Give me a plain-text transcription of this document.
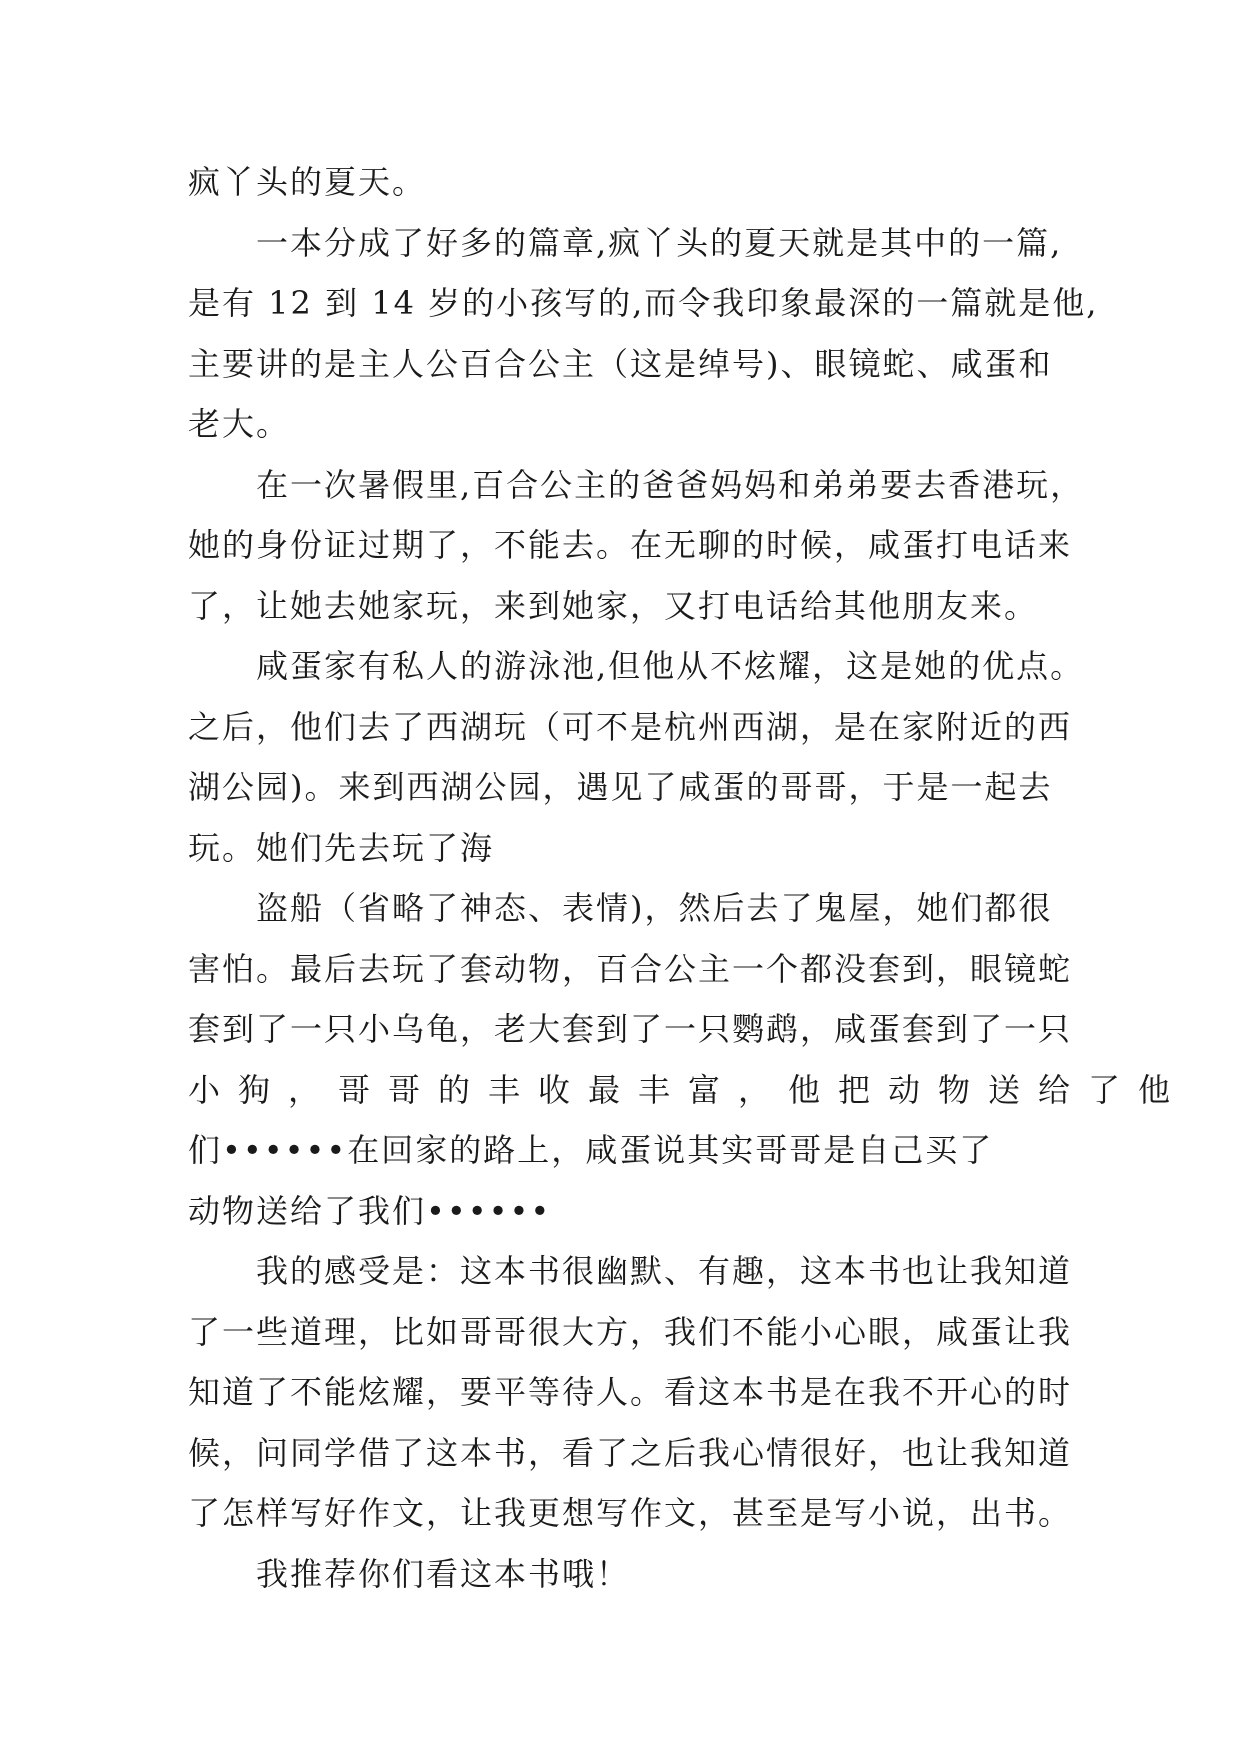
疯丫头的夏天。
一本分成了好多的篇章,疯丫头的夏天就是其中的一篇,
是有 12 到 14 岁的小孩写的,而令我印象最深的一篇就是他,
主要讲的是主人公百合公主（这是绰号)、眼镜蛇、咸蛋和
老大。
在一次暑假里,百合公主的爸爸妈妈和弟弟要去香港玩，
她的身份证过期了，不能去。在无聊的时候，咸蛋打电话来
了，让她去她家玩，来到她家，又打电话给其他朋友来。
咸蛋家有私人的游泳池,但他从不炫耀，这是她的优点。
之后，他们去了西湖玩（可不是杭州西湖，是在家附近的西
湖公园)。来到西湖公园，遇见了咸蛋的哥哥，于是一起去
玩。她们先去玩了海
盗船（省略了神态、表情)，然后去了鬼屋，她们都很
害怕。最后去玩了套动物，百合公主一个都没套到，眼镜蛇
套到了一只小乌龟，老大套到了一只鹦鹉，咸蛋套到了一只
小狗，哥哥的丰收最丰富，他把动物送给了他
们••••••在回家的路上，咸蛋说其实哥哥是自己买了
动物送给了我们••••••
我的感受是：这本书很幽默、有趣，这本书也让我知道
了一些道理，比如哥哥很大方，我们不能小心眼，咸蛋让我
知道了不能炫耀，要平等待人。看这本书是在我不开心的时
候，问同学借了这本书，看了之后我心情很好，也让我知道
了怎样写好作文，让我更想写作文，甚至是写小说，出书。
我推荐你们看这本书哦！
